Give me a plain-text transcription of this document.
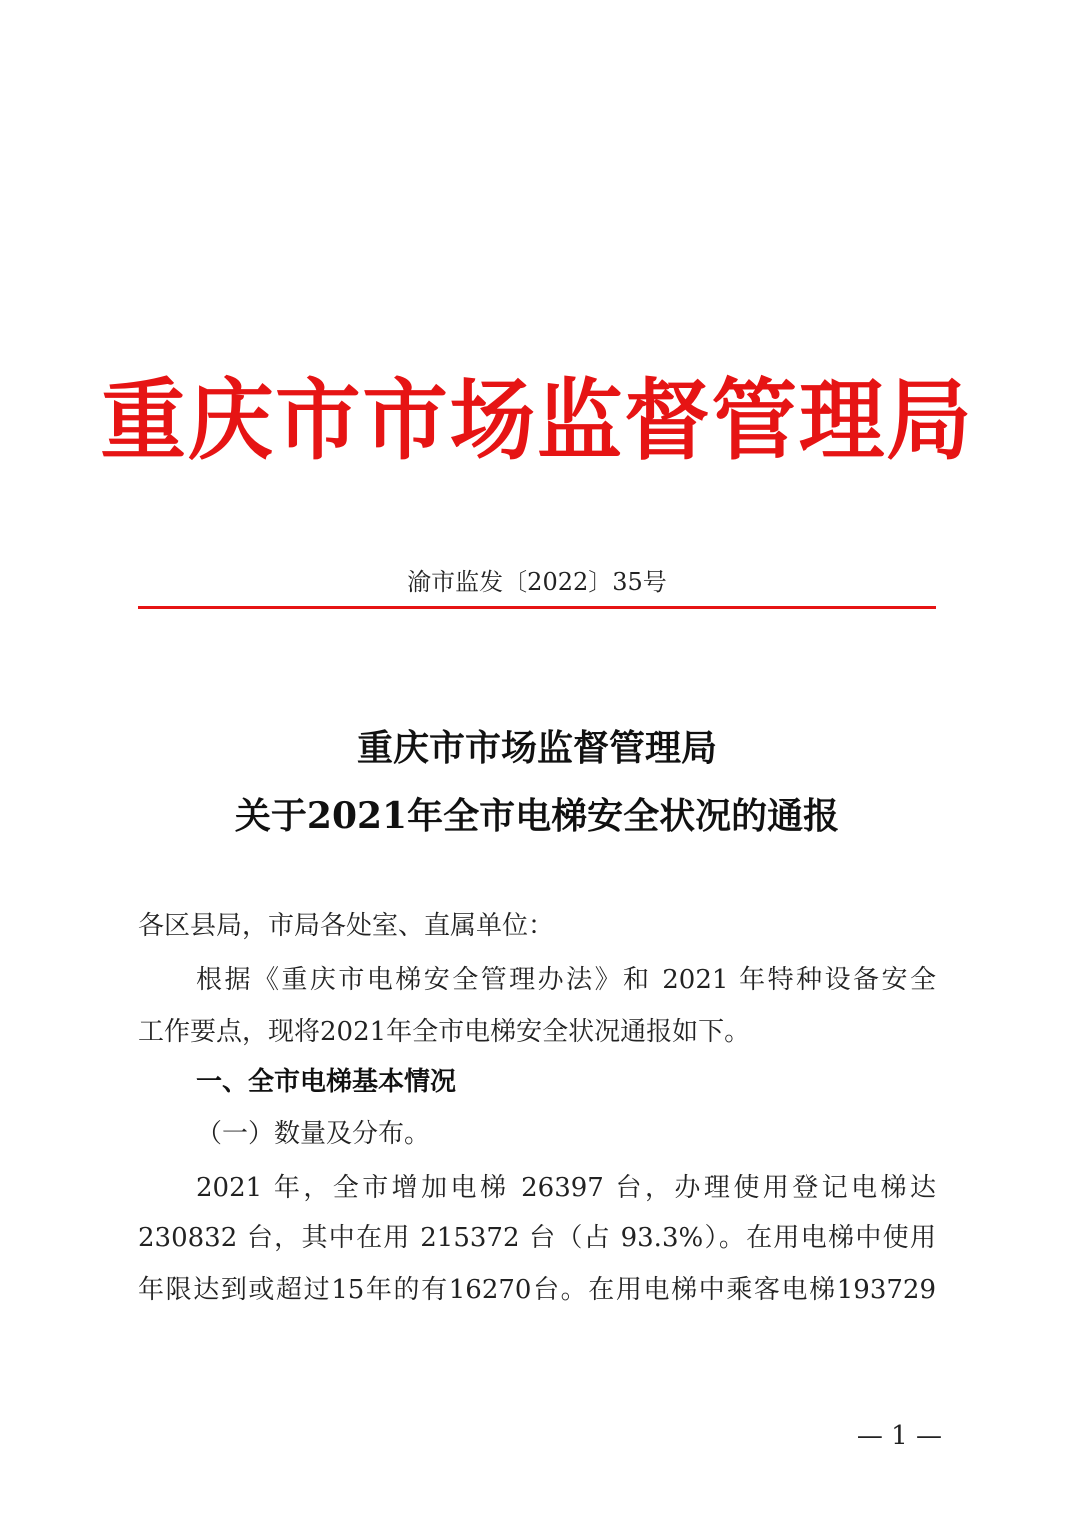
重庆市市场监督管理局
渝市监发〔2022〕35号
重庆市市场监督管理局
关于2021年全市电梯安全状况的通报
各区县局，市局各处室、直属单位：
根据《重庆市电梯安全管理办法》和 2021 年特种设备安全
工作要点，现将2021年全市电梯安全状况通报如下。
一、全市电梯基本情况
（一）数量及分布。
2021 年，全市增加电梯 26397 台，办理使用登记电梯达
230832 台，其中在用 215372 台（占 93.3%）。在用电梯中使用
年限达到或超过15年的有16270台。在用电梯中乘客电梯193729
— 1 —
